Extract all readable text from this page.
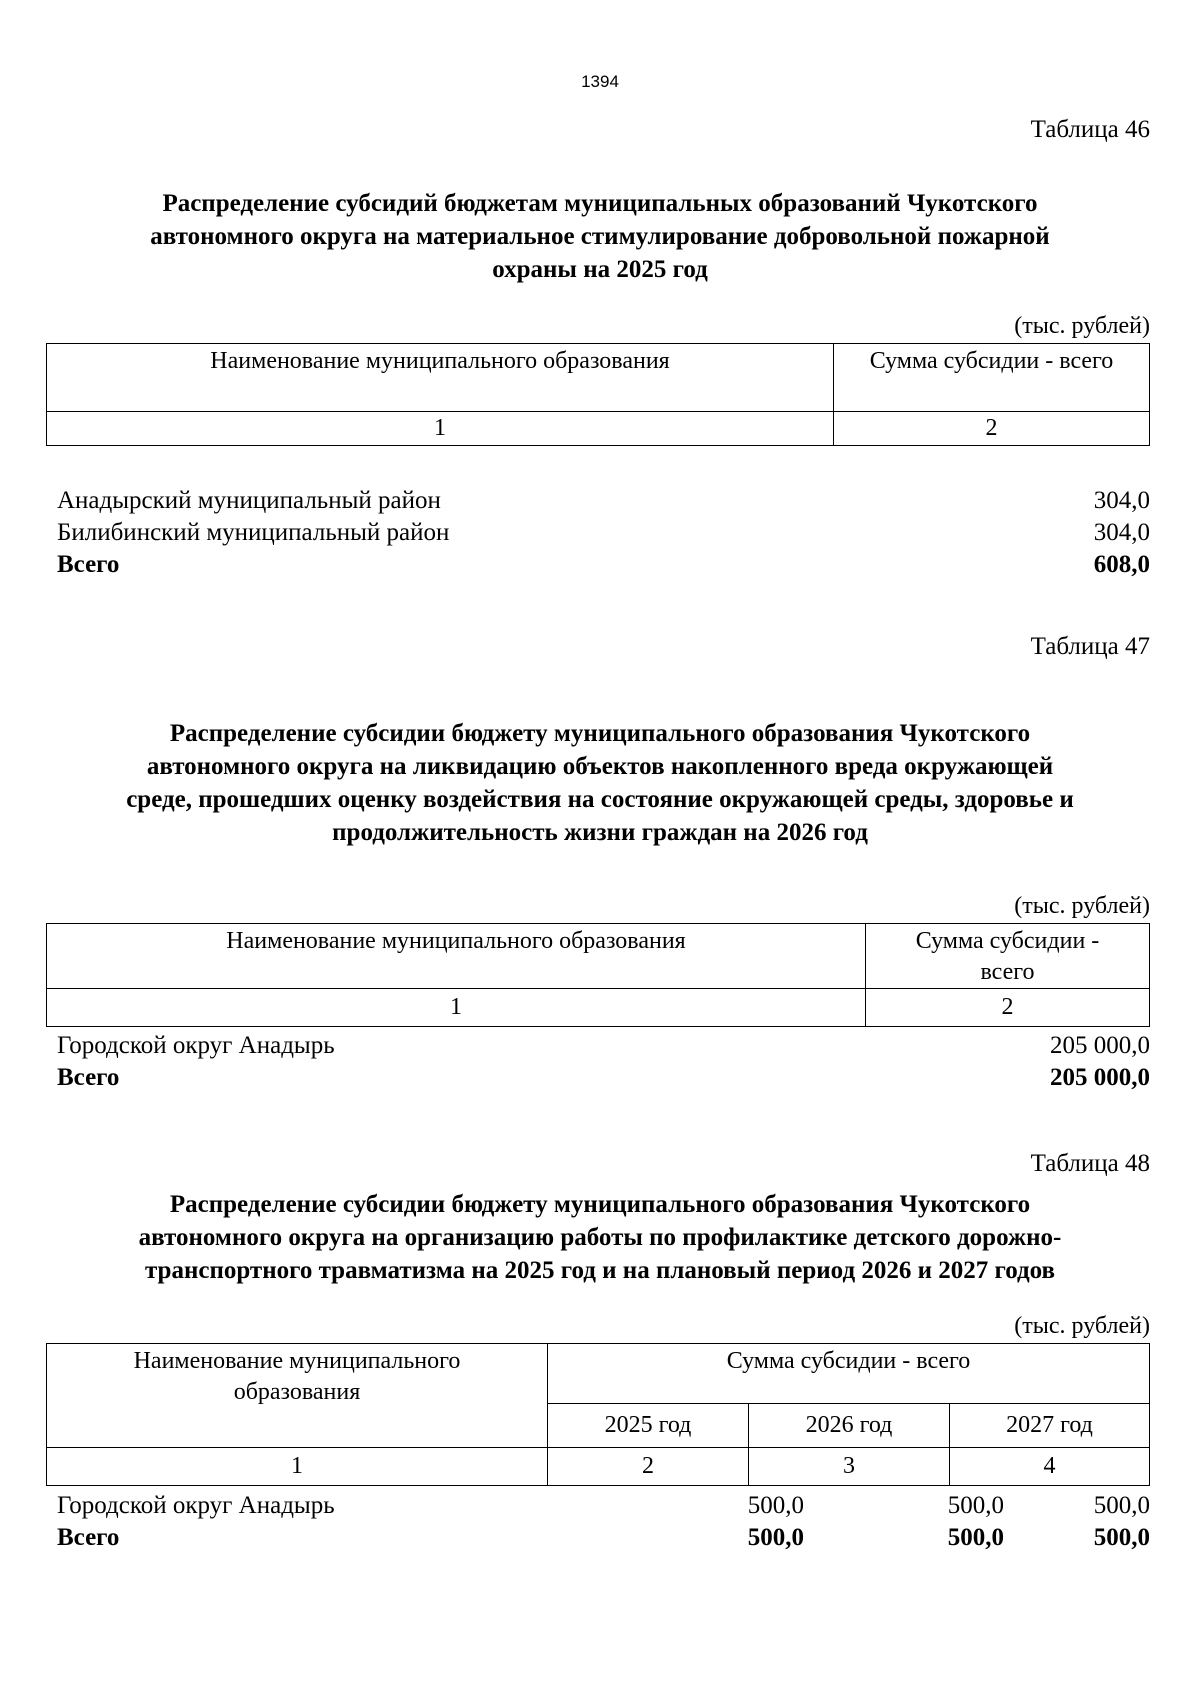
1394
Таблица 46
Распределение субсидий бюджетам муниципальных образований Чукотского
автономного округа на материальное стимулирование добровольной пожарной
охраны на 2025 год
(тыс. рублей)
Наименование муниципального образования	Сумма субсидии - всего
1	2
Анадырский муниципальный район	304,0
Билибинский муниципальный район	304,0
Всего	608,0
Таблица 47
Распределение субсидии бюджету муниципального образования Чукотского
автономного округа на ликвидацию объектов накопленного вреда окружающей
среде, прошедших оценку воздействия на состояние окружающей среды, здоровье и
продолжительность жизни граждан на 2026 год
(тыс. рублей)
Наименование муниципального образования	Сумма субсидии -
всего

1	2
Городской округ Анадырь	205 000,0
Всего	205 000,0
Таблица 48
Распределение субсидии бюджету муниципального образования Чукотского
автономного округа на организацию работы по профилактике детского дорожно-
транспортного травматизма на 2025 год и на плановый период 2026 и 2027 годов
(тыс. рублей)
Наименование муниципального
образования	Сумма субсидии - всего		
	2025 год	2026 год	2027 год
1	2	3	4
Городской округ Анадырь	500,0	500,0	500,0
Всего	500,0	500,0	500,0
